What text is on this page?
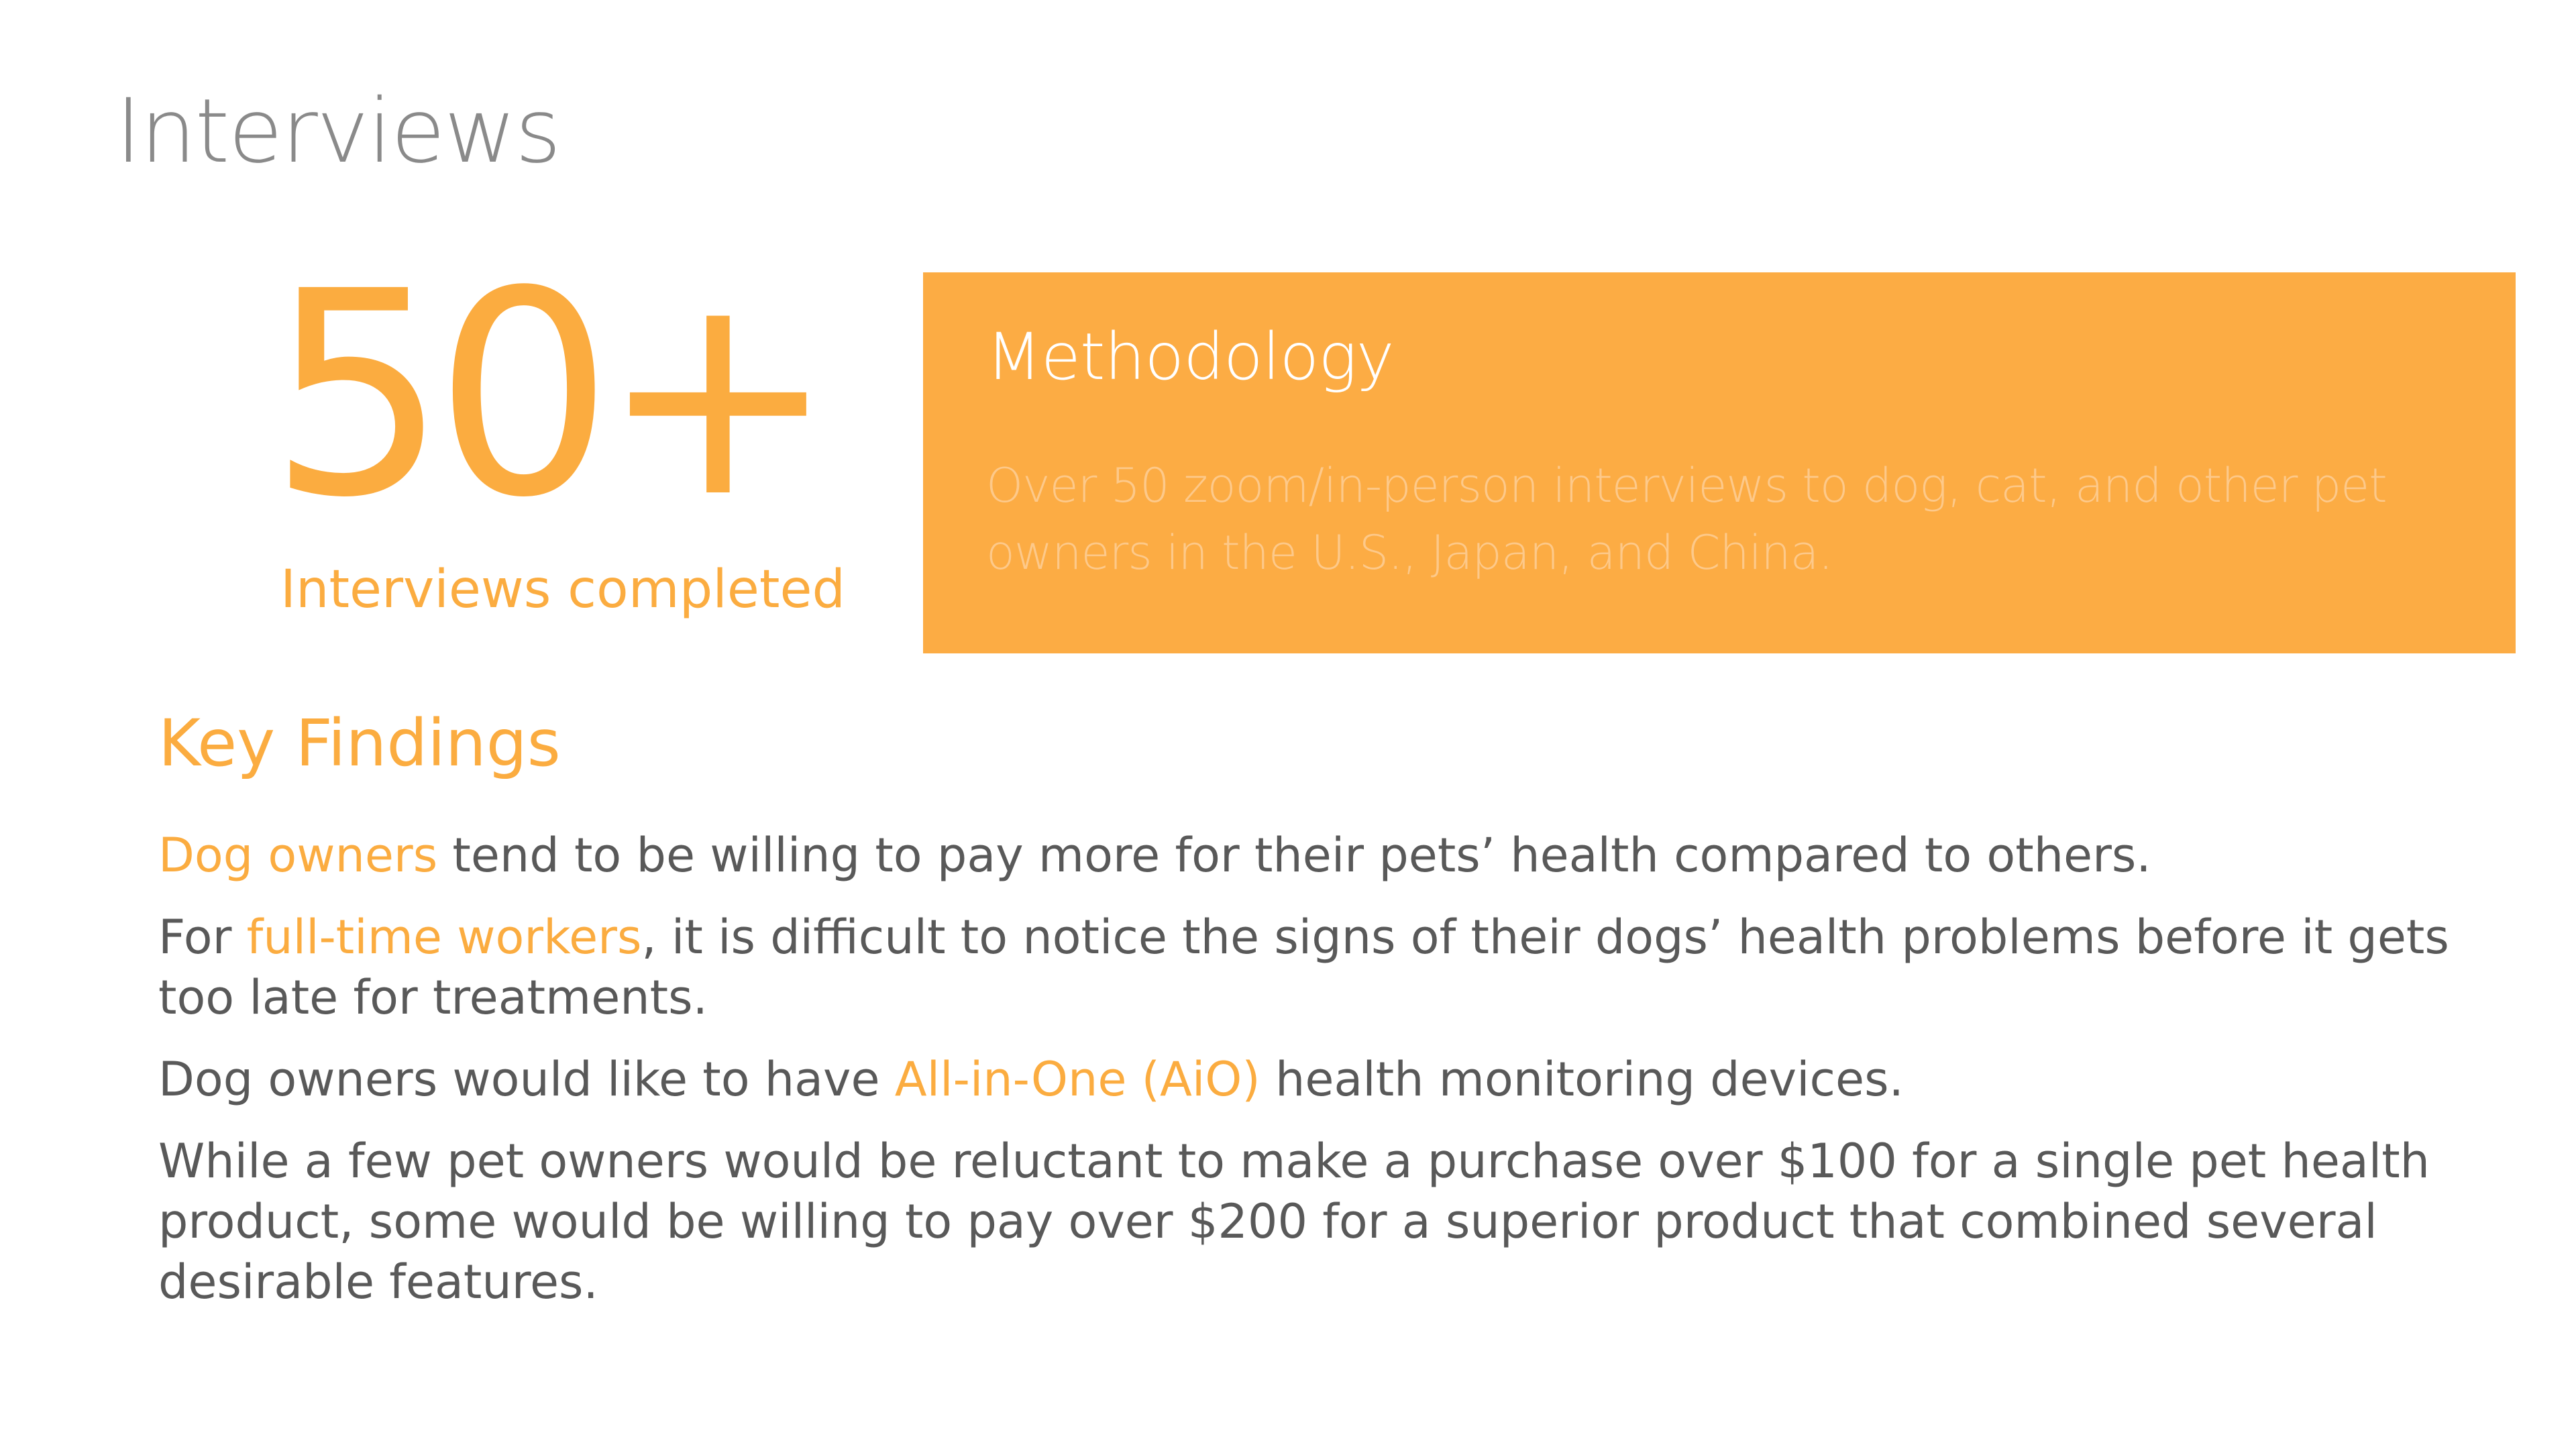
Interviews
50+
Interviews completed
Methodology
Over 50 zoom/in-person interviews to dog, cat, and other pet owners in the U.S., Japan, and China.
Key Findings

Dog owners tend to be willing to pay more for their pets’ health compared to others.

For full-time workers, it is difficult to notice the signs of their dogs’ health problems before it gets too late for treatments.

Dog owners would like to have All-in-One (AiO) health monitoring devices.

While a few pet owners would be reluctant to make a purchase over $100 for a single pet health product, some would be willing to pay over $200 for a superior product that combined several desirable features.
